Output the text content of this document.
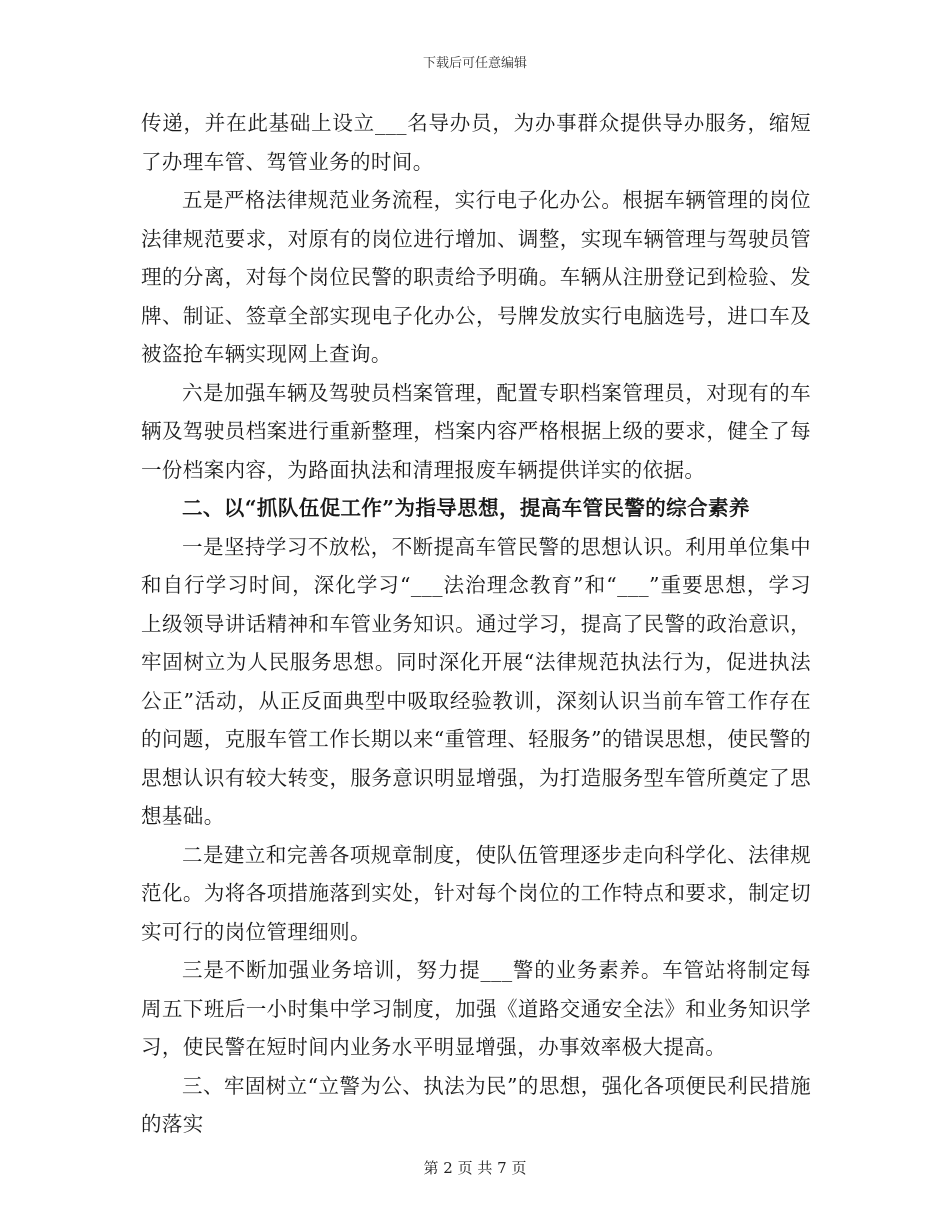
下载后可任意编辑

传递，并在此基础上设立___名导办员，为办事群众提供导办服务，缩短了办理车管、驾管业务的时间。

五是严格法律规范业务流程，实行电子化办公。根据车辆管理的岗位法律规范要求，对原有的岗位进行增加、调整，实现车辆管理与驾驶员管理的分离，对每个岗位民警的职责给予明确。车辆从注册登记到检验、发牌、制证、签章全部实现电子化办公，号牌发放实行电脑选号，进口车及被盗抢车辆实现网上查询。

六是加强车辆及驾驶员档案管理，配置专职档案管理员，对现有的车辆及驾驶员档案进行重新整理，档案内容严格根据上级的要求，健全了每一份档案内容，为路面执法和清理报废车辆提供详实的依据。

二、以“抓队伍促工作”为指导思想，提高车管民警的综合素养

一是坚持学习不放松，不断提高车管民警的思想认识。利用单位集中和自行学习时间，深化学习“___法治理念教育”和“___”重要思想，学习上级领导讲话精神和车管业务知识。通过学习，提高了民警的政治意识，牢固树立为人民服务思想。同时深化开展“法律规范执法行为，促进执法公正”活动，从正反面典型中吸取经验教训，深刻认识当前车管工作存在的问题，克服车管工作长期以来“重管理、轻服务”的错误思想，使民警的思想认识有较大转变，服务意识明显增强，为打造服务型车管所奠定了思想基础。

二是建立和完善各项规章制度，使队伍管理逐步走向科学化、法律规范化。为将各项措施落到实处，针对每个岗位的工作特点和要求，制定切实可行的岗位管理细则。

三是不断加强业务培训，努力提___警的业务素养。车管站将制定每周五下班后一小时集中学习制度，加强《道路交通安全法》和业务知识学习，使民警在短时间内业务水平明显增强，办事效率极大提高。

三、牢固树立“立警为公、执法为民”的思想，强化各项便民利民措施的落实

第 2 页 共 7 页
